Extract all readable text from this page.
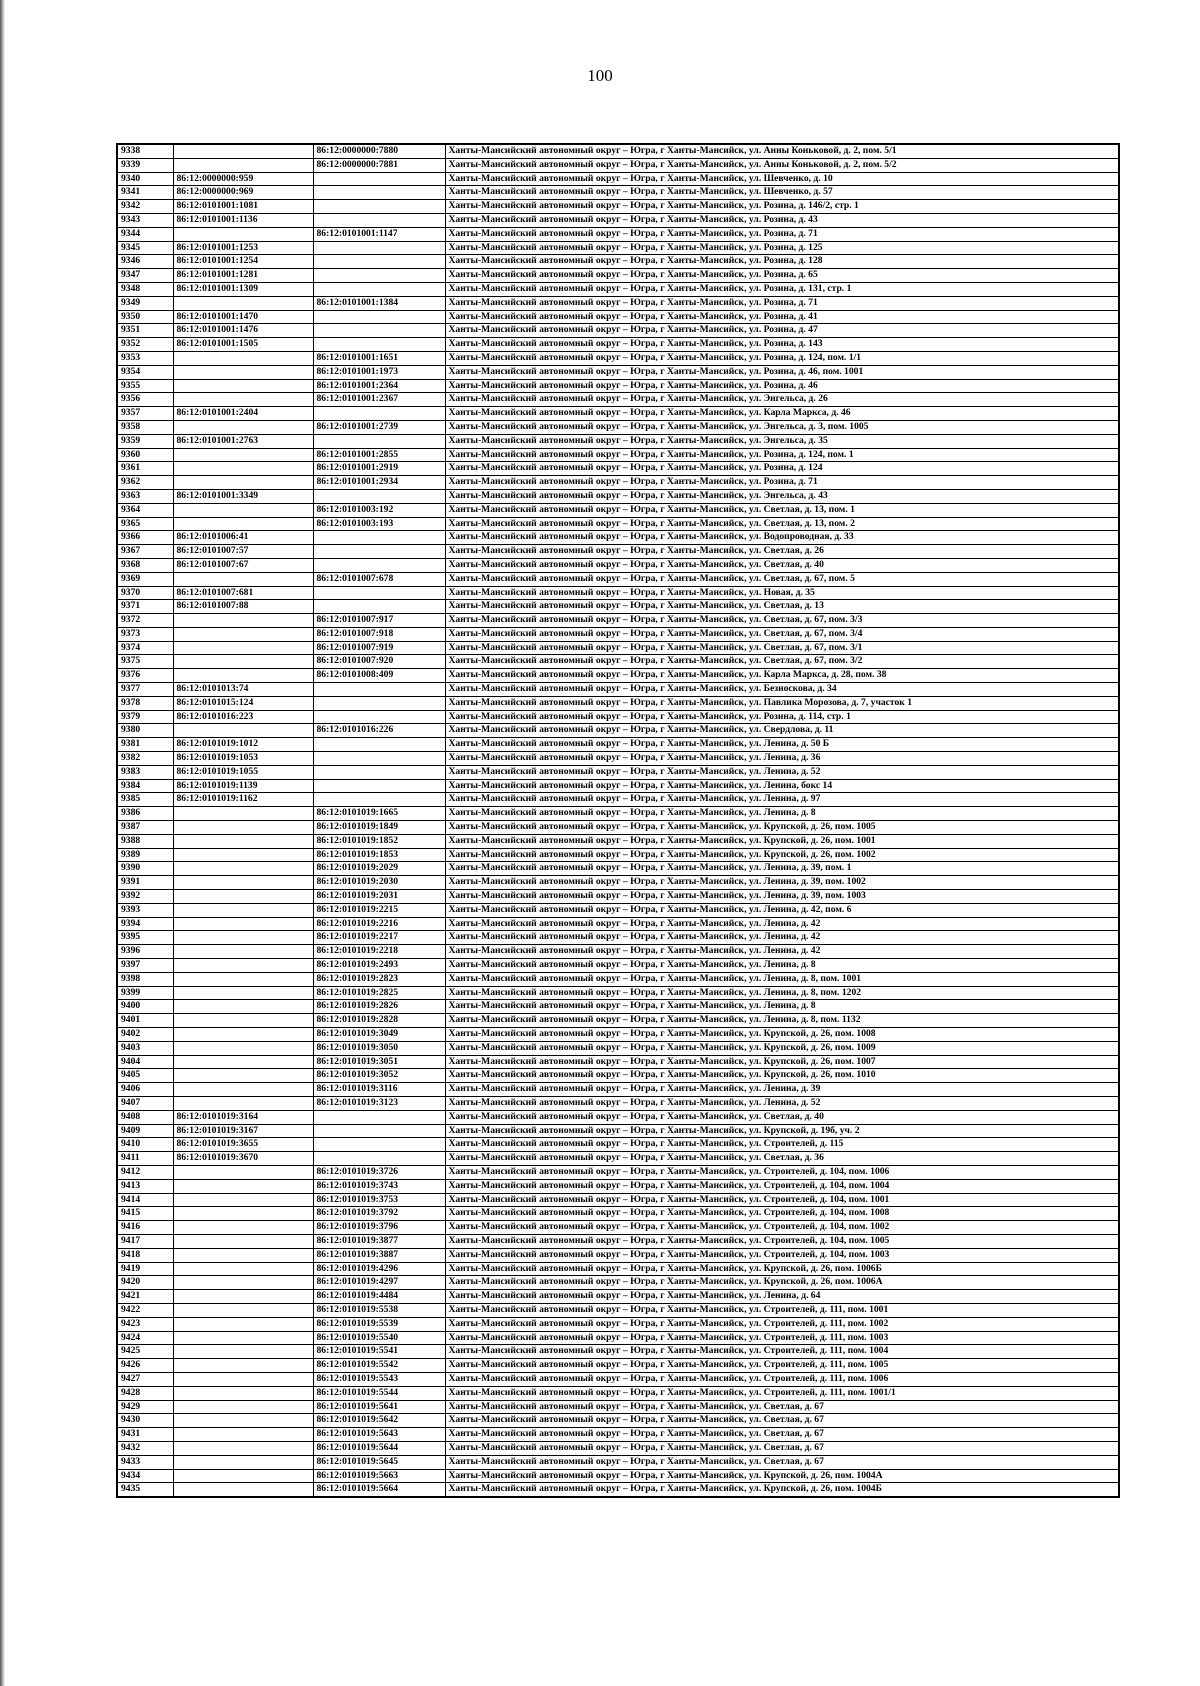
100
9338		86:12:0000000:7880	Ханты-Мансийский автономный округ – Югра, г Ханты-Мансийск, ул. Анны Коньковой, д. 2, пом. 5/1
9339		86:12:0000000:7881	Ханты-Мансийский автономный округ – Югра, г Ханты-Мансийск, ул. Анны Коньковой, д. 2, пом. 5/2
9340	86:12:0000000:959		Ханты-Мансийский автономный округ – Югра, г Ханты-Мансийск, ул. Шевченко, д. 10
9341	86:12:0000000:969		Ханты-Мансийский автономный округ – Югра, г Ханты-Мансийск, ул. Шевченко, д. 57
9342	86:12:0101001:1081		Ханты-Мансийский автономный округ – Югра, г Ханты-Мансийск, ул. Розина, д. 146/2, стр. 1
9343	86:12:0101001:1136		Ханты-Мансийский автономный округ – Югра, г Ханты-Мансийск, ул. Розина, д. 43
9344		86:12:0101001:1147	Ханты-Мансийский автономный округ – Югра, г Ханты-Мансийск, ул. Розина, д. 71
9345	86:12:0101001:1253		Ханты-Мансийский автономный округ – Югра, г Ханты-Мансийск, ул. Розина, д. 125
9346	86:12:0101001:1254		Ханты-Мансийский автономный округ – Югра, г Ханты-Мансийск, ул. Розина, д. 128
9347	86:12:0101001:1281		Ханты-Мансийский автономный округ – Югра, г Ханты-Мансийск, ул. Розина, д. 65
9348	86:12:0101001:1309		Ханты-Мансийский автономный округ – Югра, г Ханты-Мансийск, ул. Розина, д. 131, стр. 1
9349		86:12:0101001:1384	Ханты-Мансийский автономный округ – Югра, г Ханты-Мансийск, ул. Розина, д. 71
9350	86:12:0101001:1470		Ханты-Мансийский автономный округ – Югра, г Ханты-Мансийск, ул. Розина, д. 41
9351	86:12:0101001:1476		Ханты-Мансийский автономный округ – Югра, г Ханты-Мансийск, ул. Розина, д. 47
9352	86:12:0101001:1505		Ханты-Мансийский автономный округ – Югра, г Ханты-Мансийск, ул. Розина, д. 143
9353		86:12:0101001:1651	Ханты-Мансийский автономный округ – Югра, г Ханты-Мансийск, ул. Розина, д. 124, пом. 1/1
9354		86:12:0101001:1973	Ханты-Мансийский автономный округ – Югра, г Ханты-Мансийск, ул. Розина, д. 46, пом. 1001
9355		86:12:0101001:2364	Ханты-Мансийский автономный округ – Югра, г Ханты-Мансийск, ул. Розина, д. 46
9356		86:12:0101001:2367	Ханты-Мансийский автономный округ – Югра, г Ханты-Мансийск, ул. Энгельса, д. 26
9357	86:12:0101001:2404		Ханты-Мансийский автономный округ – Югра, г Ханты-Мансийск, ул. Карла Маркса, д. 46
9358		86:12:0101001:2739	Ханты-Мансийский автономный округ – Югра, г Ханты-Мансийск, ул. Энгельса, д. 3, пом. 1005
9359	86:12:0101001:2763		Ханты-Мансийский автономный округ – Югра, г Ханты-Мансийск, ул. Энгельса, д. 35
9360		86:12:0101001:2855	Ханты-Мансийский автономный округ – Югра, г Ханты-Мансийск, ул. Розина, д. 124, пом. 1
9361		86:12:0101001:2919	Ханты-Мансийский автономный округ – Югра, г Ханты-Мансийск, ул. Розина, д. 124
9362		86:12:0101001:2934	Ханты-Мансийский автономный округ – Югра, г Ханты-Мансийск, ул. Розина, д. 71
9363	86:12:0101001:3349		Ханты-Мансийский автономный округ – Югра, г Ханты-Мансийск, ул. Энгельса, д. 43
9364		86:12:0101003:192	Ханты-Мансийский автономный округ – Югра, г Ханты-Мансийск, ул. Светлая, д. 13, пом. 1
9365		86:12:0101003:193	Ханты-Мансийский автономный округ – Югра, г Ханты-Мансийск, ул. Светлая, д. 13, пом. 2
9366	86:12:0101006:41		Ханты-Мансийский автономный округ – Югра, г Ханты-Мансийск, ул. Водопроводная, д. 33
9367	86:12:0101007:57		Ханты-Мансийский автономный округ – Югра, г Ханты-Мансийск, ул. Светлая, д. 26
9368	86:12:0101007:67		Ханты-Мансийский автономный округ – Югра, г Ханты-Мансийск, ул. Светлая, д. 40
9369		86:12:0101007:678	Ханты-Мансийский автономный округ – Югра, г Ханты-Мансийск, ул. Светлая, д. 67, пом. 5
9370	86:12:0101007:681		Ханты-Мансийский автономный округ – Югра, г Ханты-Мансийск, ул. Новая, д. 35
9371	86:12:0101007:88		Ханты-Мансийский автономный округ – Югра, г Ханты-Мансийск, ул. Светлая, д. 13
9372		86:12:0101007:917	Ханты-Мансийский автономный округ – Югра, г Ханты-Мансийск, ул. Светлая, д. 67, пом. 3/3
9373		86:12:0101007:918	Ханты-Мансийский автономный округ – Югра, г Ханты-Мансийск, ул. Светлая, д. 67, пом. 3/4
9374		86:12:0101007:919	Ханты-Мансийский автономный округ – Югра, г Ханты-Мансийск, ул. Светлая, д. 67, пом. 3/1
9375		86:12:0101007:920	Ханты-Мансийский автономный округ – Югра, г Ханты-Мансийск, ул. Светлая, д. 67, пом. 3/2
9376		86:12:0101008:409	Ханты-Мансийский автономный округ – Югра, г Ханты-Мансийск, ул. Карла Маркса, д. 28, пом. 38
9377	86:12:0101013:74		Ханты-Мансийский автономный округ – Югра, г Ханты-Мансийск, ул. Безноскова, д. 34
9378	86:12:0101015:124		Ханты-Мансийский автономный округ – Югра, г Ханты-Мансийск, ул. Павлика Морозова, д. 7, участок 1
9379	86:12:0101016:223		Ханты-Мансийский автономный округ – Югра, г Ханты-Мансийск, ул. Розина, д. 114, стр. 1
9380		86:12:0101016:226	Ханты-Мансийский автономный округ – Югра, г Ханты-Мансийск, ул. Свердлова, д. 11
9381	86:12:0101019:1012		Ханты-Мансийский автономный округ – Югра, г Ханты-Мансийск, ул. Ленина, д. 50 Б
9382	86:12:0101019:1053		Ханты-Мансийский автономный округ – Югра, г Ханты-Мансийск, ул. Ленина, д. 36
9383	86:12:0101019:1055		Ханты-Мансийский автономный округ – Югра, г Ханты-Мансийск, ул. Ленина, д. 52
9384	86:12:0101019:1139		Ханты-Мансийский автономный округ – Югра, г Ханты-Мансийск, ул. Ленина, бокс 14
9385	86:12:0101019:1162		Ханты-Мансийский автономный округ – Югра, г Ханты-Мансийск, ул. Ленина, д. 97
9386		86:12:0101019:1665	Ханты-Мансийский автономный округ – Югра, г Ханты-Мансийск, ул. Ленина, д. 8
9387		86:12:0101019:1849	Ханты-Мансийский автономный округ – Югра, г Ханты-Мансийск, ул. Крупской, д. 26, пом. 1005
9388		86:12:0101019:1852	Ханты-Мансийский автономный округ – Югра, г Ханты-Мансийск, ул. Крупской, д. 26, пом. 1001
9389		86:12:0101019:1853	Ханты-Мансийский автономный округ – Югра, г Ханты-Мансийск, ул. Крупской, д. 26, пом. 1002
9390		86:12:0101019:2029	Ханты-Мансийский автономный округ – Югра, г Ханты-Мансийск, ул. Ленина, д. 39, пом. 1
9391		86:12:0101019:2030	Ханты-Мансийский автономный округ – Югра, г Ханты-Мансийск, ул. Ленина, д. 39, пом. 1002
9392		86:12:0101019:2031	Ханты-Мансийский автономный округ – Югра, г Ханты-Мансийск, ул. Ленина, д. 39, пом. 1003
9393		86:12:0101019:2215	Ханты-Мансийский автономный округ – Югра, г Ханты-Мансийск, ул. Ленина, д. 42, пом. 6
9394		86:12:0101019:2216	Ханты-Мансийский автономный округ – Югра, г Ханты-Мансийск, ул. Ленина, д. 42
9395		86:12:0101019:2217	Ханты-Мансийский автономный округ – Югра, г Ханты-Мансийск, ул. Ленина, д. 42
9396		86:12:0101019:2218	Ханты-Мансийский автономный округ – Югра, г Ханты-Мансийск, ул. Ленина, д. 42
9397		86:12:0101019:2493	Ханты-Мансийский автономный округ – Югра, г Ханты-Мансийск, ул. Ленина, д. 8
9398		86:12:0101019:2823	Ханты-Мансийский автономный округ – Югра, г Ханты-Мансийск, ул. Ленина, д. 8, пом. 1001
9399		86:12:0101019:2825	Ханты-Мансийский автономный округ – Югра, г Ханты-Мансийск, ул. Ленина, д. 8, пом. 1202
9400		86:12:0101019:2826	Ханты-Мансийский автономный округ – Югра, г Ханты-Мансийск, ул. Ленина, д. 8
9401		86:12:0101019:2828	Ханты-Мансийский автономный округ – Югра, г Ханты-Мансийск, ул. Ленина, д. 8, пом. 1132
9402		86:12:0101019:3049	Ханты-Мансийский автономный округ – Югра, г Ханты-Мансийск, ул. Крупской, д. 26, пом. 1008
9403		86:12:0101019:3050	Ханты-Мансийский автономный округ – Югра, г Ханты-Мансийск, ул. Крупской, д. 26, пом. 1009
9404		86:12:0101019:3051	Ханты-Мансийский автономный округ – Югра, г Ханты-Мансийск, ул. Крупской, д. 26, пом. 1007
9405		86:12:0101019:3052	Ханты-Мансийский автономный округ – Югра, г Ханты-Мансийск, ул. Крупской, д. 26, пом. 1010
9406		86:12:0101019:3116	Ханты-Мансийский автономный округ – Югра, г Ханты-Мансийск, ул. Ленина, д. 39
9407		86:12:0101019:3123	Ханты-Мансийский автономный округ – Югра, г Ханты-Мансийск, ул. Ленина, д. 52
9408	86:12:0101019:3164		Ханты-Мансийский автономный округ – Югра, г Ханты-Мансийск, ул. Светлая, д. 40
9409	86:12:0101019:3167		Ханты-Мансийский автономный округ – Югра, г Ханты-Мансийск, ул. Крупской, д. 19б, уч. 2
9410	86:12:0101019:3655		Ханты-Мансийский автономный округ – Югра, г Ханты-Мансийск, ул. Строителей, д. 115
9411	86:12:0101019:3670		Ханты-Мансийский автономный округ – Югра, г Ханты-Мансийск, ул. Светлая, д. 36
9412		86:12:0101019:3726	Ханты-Мансийский автономный округ – Югра, г Ханты-Мансийск, ул. Строителей, д. 104, пом. 1006
9413		86:12:0101019:3743	Ханты-Мансийский автономный округ – Югра, г Ханты-Мансийск, ул. Строителей, д. 104, пом. 1004
9414		86:12:0101019:3753	Ханты-Мансийский автономный округ – Югра, г Ханты-Мансийск, ул. Строителей, д. 104, пом. 1001
9415		86:12:0101019:3792	Ханты-Мансийский автономный округ – Югра, г Ханты-Мансийск, ул. Строителей, д. 104, пом. 1008
9416		86:12:0101019:3796	Ханты-Мансийский автономный округ – Югра, г Ханты-Мансийск, ул. Строителей, д. 104, пом. 1002
9417		86:12:0101019:3877	Ханты-Мансийский автономный округ – Югра, г Ханты-Мансийск, ул. Строителей, д. 104, пом. 1005
9418		86:12:0101019:3887	Ханты-Мансийский автономный округ – Югра, г Ханты-Мансийск, ул. Строителей, д. 104, пом. 1003
9419		86:12:0101019:4296	Ханты-Мансийский автономный округ – Югра, г Ханты-Мансийск, ул. Крупской, д. 26, пом. 1006Б
9420		86:12:0101019:4297	Ханты-Мансийский автономный округ – Югра, г Ханты-Мансийск, ул. Крупской, д. 26, пом. 1006А
9421		86:12:0101019:4484	Ханты-Мансийский автономный округ – Югра, г Ханты-Мансийск, ул. Ленина, д. 64
9422		86:12:0101019:5538	Ханты-Мансийский автономный округ – Югра, г Ханты-Мансийск, ул. Строителей, д. 111, пом. 1001
9423		86:12:0101019:5539	Ханты-Мансийский автономный округ – Югра, г Ханты-Мансийск, ул. Строителей, д. 111, пом. 1002
9424		86:12:0101019:5540	Ханты-Мансийский автономный округ – Югра, г Ханты-Мансийск, ул. Строителей, д. 111, пом. 1003
9425		86:12:0101019:5541	Ханты-Мансийский автономный округ – Югра, г Ханты-Мансийск, ул. Строителей, д. 111, пом. 1004
9426		86:12:0101019:5542	Ханты-Мансийский автономный округ – Югра, г Ханты-Мансийск, ул. Строителей, д. 111, пом. 1005
9427		86:12:0101019:5543	Ханты-Мансийский автономный округ – Югра, г Ханты-Мансийск, ул. Строителей, д. 111, пом. 1006
9428		86:12:0101019:5544	Ханты-Мансийский автономный округ – Югра, г Ханты-Мансийск, ул. Строителей, д. 111, пом. 1001/1
9429		86:12:0101019:5641	Ханты-Мансийский автономный округ – Югра, г Ханты-Мансийск, ул. Светлая, д. 67
9430		86:12:0101019:5642	Ханты-Мансийский автономный округ – Югра, г Ханты-Мансийск, ул. Светлая, д. 67
9431		86:12:0101019:5643	Ханты-Мансийский автономный округ – Югра, г Ханты-Мансийск, ул. Светлая, д. 67
9432		86:12:0101019:5644	Ханты-Мансийский автономный округ – Югра, г Ханты-Мансийск, ул. Светлая, д. 67
9433		86:12:0101019:5645	Ханты-Мансийский автономный округ – Югра, г Ханты-Мансийск, ул. Светлая, д. 67
9434		86:12:0101019:5663	Ханты-Мансийский автономный округ – Югра, г Ханты-Мансийск, ул. Крупской, д. 26, пом. 1004А
9435		86:12:0101019:5664	Ханты-Мансийский автономный округ – Югра, г Ханты-Мансийск, ул. Крупской, д. 26, пом. 1004Б
